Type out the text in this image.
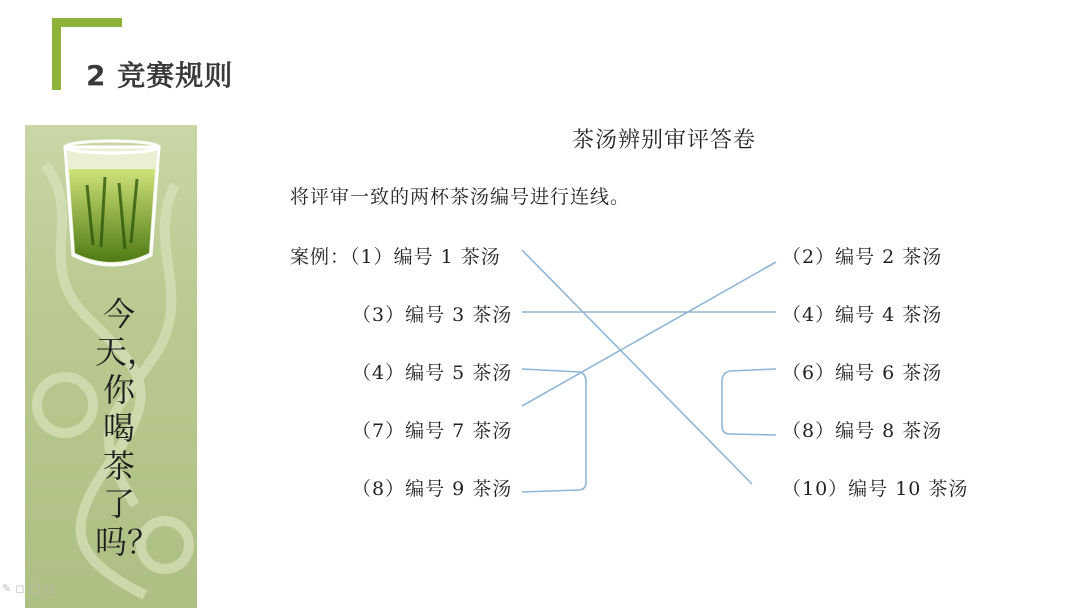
2 竞赛规则
今天，你喝茶了吗？
茶汤辨别审评答卷
将评审一致的两杯茶汤编号进行连线。
案例：（1）编号 1 茶汤
（3）编号 3 茶汤
（4）编号 5 茶汤
（7）编号 7 茶汤
（8）编号 9 茶汤
（2）编号 2 茶汤
（4）编号 4 茶汤
（6）编号 6 茶汤
（8）编号 8 茶汤
（10）编号 10 茶汤
✎◻◯◻
